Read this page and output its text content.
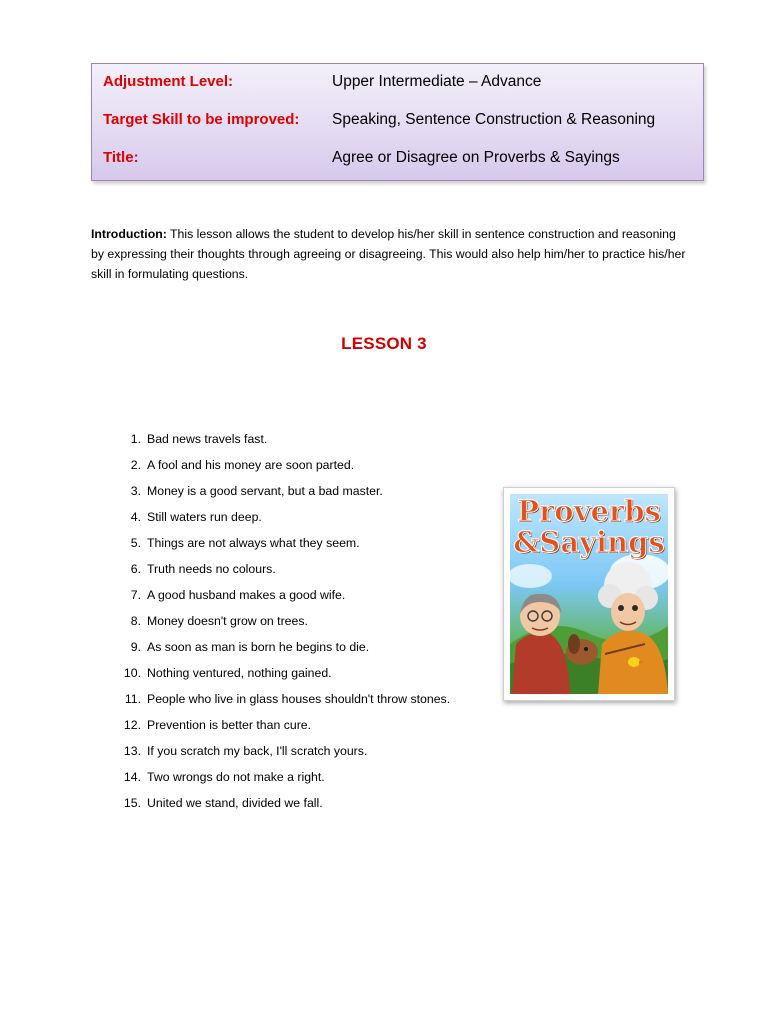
Adjustment Level:	Upper Intermediate – Advance
Target Skill to be improved: Speaking, Sentence Construction & Reasoning
Title:	Agree or Disagree on Proverbs & Sayings

Introduction: This lesson allows the student to develop his/her skill in sentence construction and reasoning by expressing their thoughts through agreeing or disagreeing. This would also help him/her to practice his/her skill in formulating questions.

LESSON 3
1. Bad news travels fast.
2. A fool and his money are soon parted.
3. Money is a good servant, but a bad master.
4. Still waters run deep.
5. Things are not always what they seem.
6. Truth needs no colours.
7. A good husband makes a good wife.
8. Money doesn't grow on trees.
9. As soon as man is born he begins to die.
10. Nothing ventured, nothing gained.
11. People who live in glass houses shouldn't throw stones.
12. Prevention is better than cure.
13. If you scratch my back, I'll scratch yours.
14. Two wrongs do not make a right.
15. United we stand, divided we fall.
Proverbs
&Sayings
